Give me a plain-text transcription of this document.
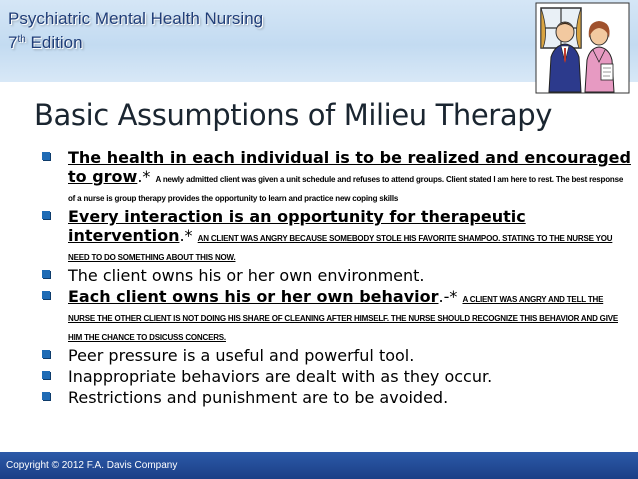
Psychiatric Mental Health Nursing
7th Edition
Basic Assumptions of Milieu Therapy
The health in each individual is to be realized and encouraged to grow.* A newly admitted client was given a unit schedule and refuses to attend groups. Client stated I am here to rest. The best response of a nurse is group therapy provides the opportunity to learn and practice new coping skills
Every interaction is an opportunity for therapeutic intervention.* AN CLIENT WAS ANGRY BECAUSE SOMEBODY STOLE HIS FAVORITE SHAMPOO. STATING TO THE NURSE YOU NEED TO DO SOMETHING ABOUT THIS NOW.
The client owns his or her own environment.
Each client owns his or her own behavior.-* A CLIENT WAS ANGRY AND TELL THE NURSE THE OTHER CLIENT IS NOT DOING HIS SHARE OF CLEANING AFTER HIMSELF. THE NURSE SHOULD RECOGNIZE THIS BEHAVIOR AND GIVE HIM THE CHANCE TO DSICUSS CONCERS.
Peer pressure is a useful and powerful tool.
Inappropriate behaviors are dealt with as they occur.
Restrictions and punishment are to be avoided.
Copyright © 2012 F.A. Davis Company
